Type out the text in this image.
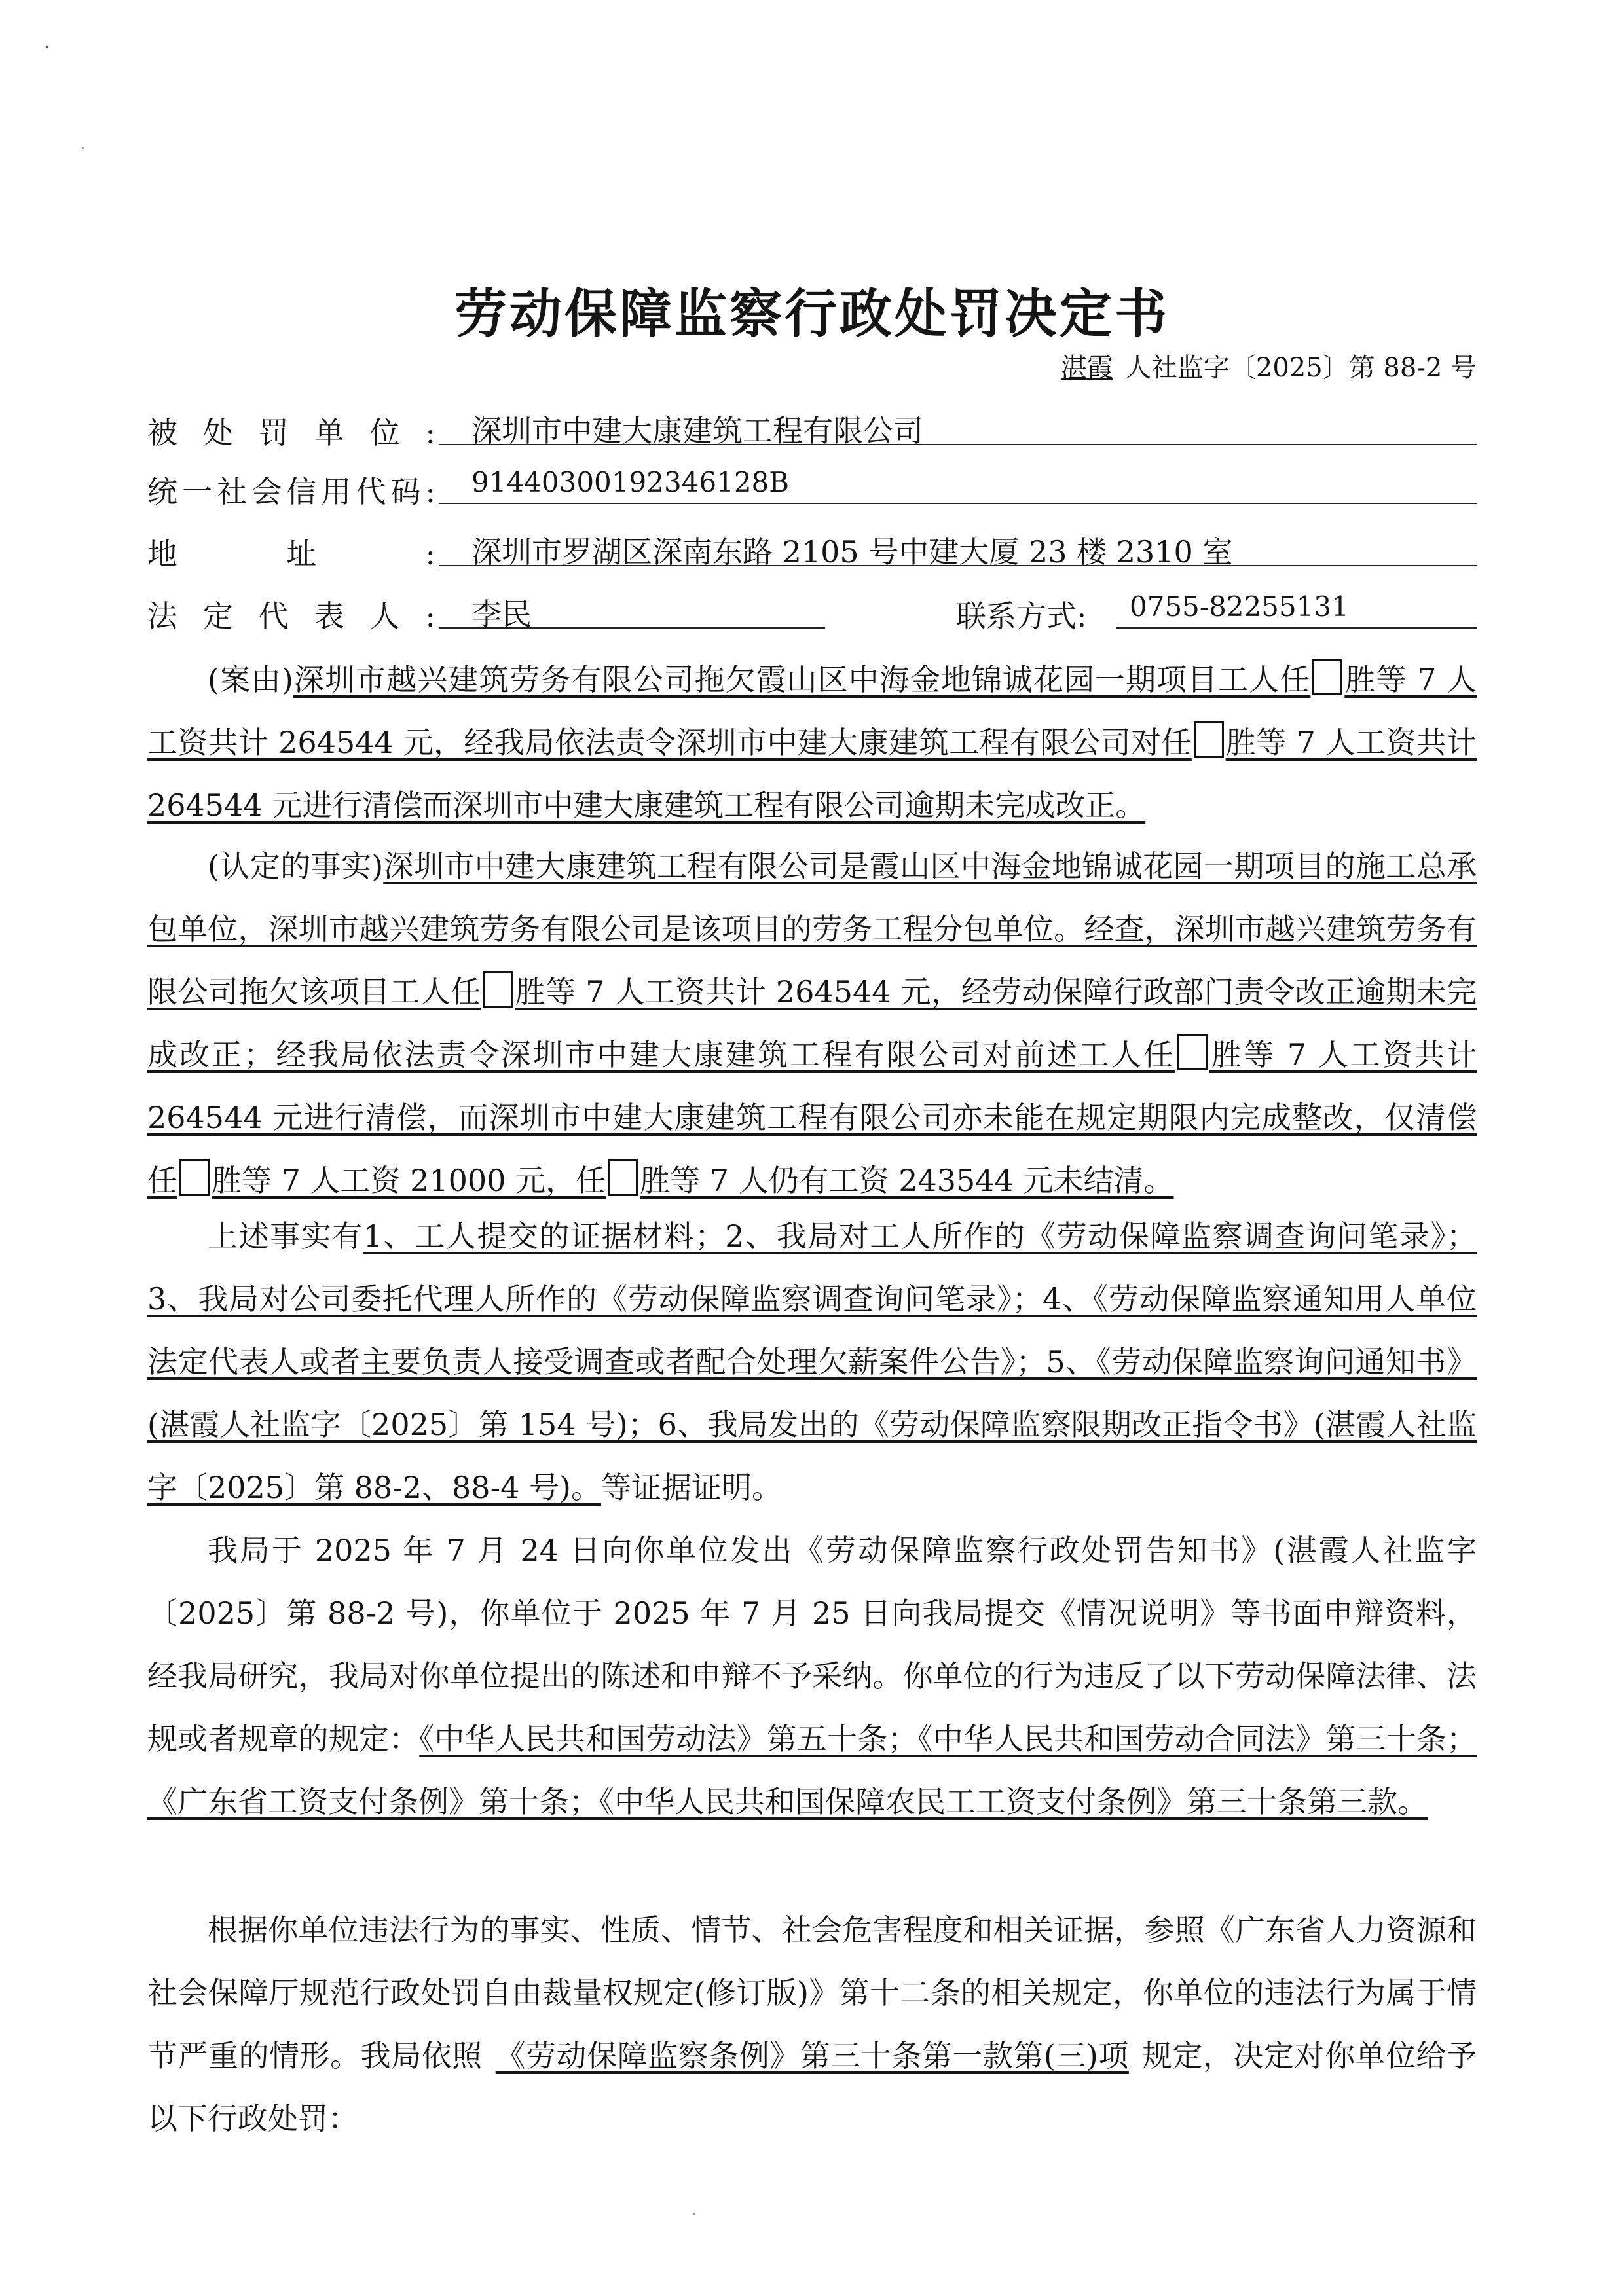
劳动保障监察行政处罚决定书
湛霞 人社监字〔2025〕第 88-2 号
被处罚单位:	深圳市中建大康建筑工程有限公司
统一社会信用代码:	91440300192346128B
地址:	深圳市罗湖区深南东路 2105 号中建大厦 23 楼 2310 室
法定代表人:	李民	联系方式:	0755-82255131

(案由)深圳市越兴建筑劳务有限公司拖欠霞山区中海金地锦诚花园一期项目工人任 胜等 7 人工资共计 264544 元，经我局依法责令深圳市中建大康建筑工程有限公司对任 胜等 7 人工资共计 264544 元进行清偿而深圳市中建大康建筑工程有限公司逾期未完成改正。

(认定的事实)深圳市中建大康建筑工程有限公司是霞山区中海金地锦诚花园一期项目的施工总承包单位，深圳市越兴建筑劳务有限公司是该项目的劳务工程分包单位。经查，深圳市越兴建筑劳务有限公司拖欠该项目工人任 胜等 7 人工资共计 264544 元，经劳动保障行政部门责令改正逾期未完成改正；经我局依法责令深圳市中建大康建筑工程有限公司对前述工人任 胜等 7 人工资共计 264544 元进行清偿，而深圳市中建大康建筑工程有限公司亦未能在规定期限内完成整改，仅清偿任 胜等 7 人工资 21000 元，任 胜等 7 人仍有工资 243544 元未结清。

上述事实有1、工人提交的证据材料；2、我局对工人所作的《劳动保障监察调查询问笔录》；3、我局对公司委托代理人所作的《劳动保障监察调查询问笔录》；4、《劳动保障监察通知用人单位法定代表人或者主要负责人接受调查或者配合处理欠薪案件公告》；5、《劳动保障监察询问通知书》(湛霞人社监字〔2025〕第 154 号)；6、我局发出的《劳动保障监察限期改正指令书》(湛霞人社监字〔2025〕第 88-2、88-4 号)。等证据证明。

我局于 2025 年 7 月 24 日向你单位发出《劳动保障监察行政处罚告知书》(湛霞人社监字〔2025〕第 88-2 号)，你单位于 2025 年 7 月 25 日向我局提交《情况说明》等书面申辩资料，经我局研究，我局对你单位提出的陈述和申辩不予采纳。你单位的行为违反了以下劳动保障法律、法规或者规章的规定：《中华人民共和国劳动法》第五十条；《中华人民共和国劳动合同法》第三十条；《广东省工资支付条例》第十条；《中华人民共和国保障农民工工资支付条例》第三十条第三款。

根据你单位违法行为的事实、性质、情节、社会危害程度和相关证据，参照《广东省人力资源和社会保障厅规范行政处罚自由裁量权规定(修订版)》第十二条的相关规定，你单位的违法行为属于情节严重的情形。我局依照 《劳动保障监察条例》第三十条第一款第(三)项 规定，决定对你单位给予以下行政处罚：
